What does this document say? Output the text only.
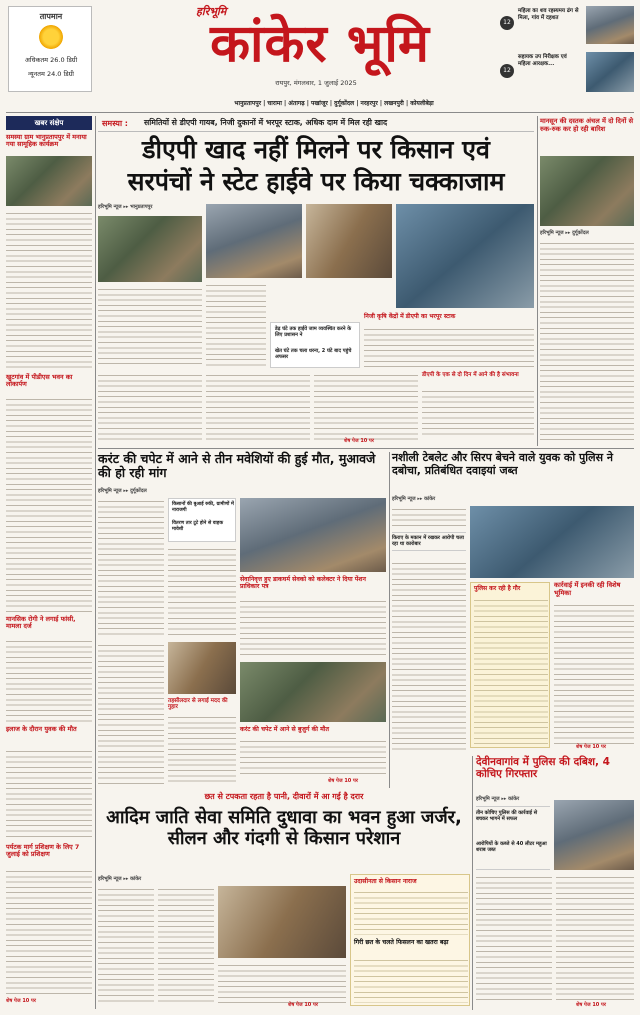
तापमान
अधिकतम 26.0 डिग्री
न्यूनतम 24.0 डिग्री
हरिभूमि
कांकेर भूमि
रायपुर, मंगलवार, 1 जुलाई 2025
12
महिला का शव रहस्यमय ढंग से मिला, गांव में दहशत
12
सहायक उप निरीक्षक एवं महिला आरक्षक...
भानुप्रतापपुर | चारामा | अंतागढ़ | पखांजूर | दुर्गूकोंदल | नरहरपुर | लखनपुरी | कोयलीबेड़ा
खबर संक्षेप
समस्या ग्राम भानुप्रतापपुर में मनाया गया सामूहिक कार्यक्रम
खुटगांव में पीडीएस भवन का लोकार्पण
मानसिक रोगी ने लगाई फांसी, मामला दर्ज
इलाज के दौरान युवक की मौत
पर्यटक मार्ग प्रशिक्षण के लिए 7 जुलाई को प्रशिक्षण
शेष पेज 10 पर
समस्या :	समितियों से डीएपी गायब, निजी दुकानों में भरपूर स्टाक, अधिक दाम में मिल रही खाद
डीएपी खाद नहीं मिलने पर किसान एवं
सरपंचों ने स्टेट हाईवे पर किया चक्काजाम
हरिभूमि न्यूज ▸▸ भानुप्रतापपुर
डेढ़ घंटे तक हाईवे जाम व्यवस्थित करने के लिए प्रशासन ने
खेत घंटे तक चला धरना, 2 घंटे बाद पहुंचे अफसर
निजी कृषि केंद्रों में डीएपी का भरपूर स्टाक
डीएपी के एक से दो दिन में आने की है संभावना
शेष पेज 10 पर
मानसून की दस्तक अंचल में दो दिनों से रुक-रुक कर हो रही बारिश
हरिभूमि न्यूज ▸▸ दुर्गूकोंदल
करंट की चपेट में आने से तीन मवेशियों की हुई मौत, मुआवजे की हो रही मांग
हरिभूमि न्यूज ▸▸ दुर्गूकोंदल
किसानों की बुआई रुकी, ग्रामीणों में नाराजगी
वितरण तार टूटे होने से वाहक मावेशी
सेवानिवृत्त हुए डाकघर्म सेवको को कलेक्टर ने दिया पेंशन प्राधिकार पत्र
तहसीलदार से लगाई मदद की गुहार
करंट की चपेट में आने से बुजुर्ग की मौत
शेष पेज 10 पर
नशीली टेबलेट और सिरप बेचने वाले युवक को पुलिस ने दबोचा, प्रतिबंधित दवाइयां जब्त
हरिभूमि न्यूज ▸▸ कांकेर
किराए के मकान में रखकर आरोपी चला रहा था कारोबार
पुलिस कर रही है गौर	कार्रवाई में इनकी रही विशेष भूमिका
शेष पेज 10 पर
छत से टपकता रहता है पानी, दीवारों में आ गई है दरार
आदिम जाति सेवा समिति दुधावा का भवन हुआ जर्जर, सीलन और गंदगी से किसान परेशान
हरिभूमि न्यूज ▸▸ कांकेर	उदासीनता से किसान नाराज
गिरी छत के चलते फिसलन का खतरा बढ़ा
शेष पेज 10 पर
देवीनवागांव में पुलिस की दबिश, 4 कोचिए गिरफ्तार
हरिभूमि न्यूज ▸▸ कांकेर
तीन कोचिए पुलिस की कार्रवाई से बचकर भागने में सफल
आरोपियों के कब्जे से 40 लीटर महुआ शराब जब्त
शेष पेज 10 पर
